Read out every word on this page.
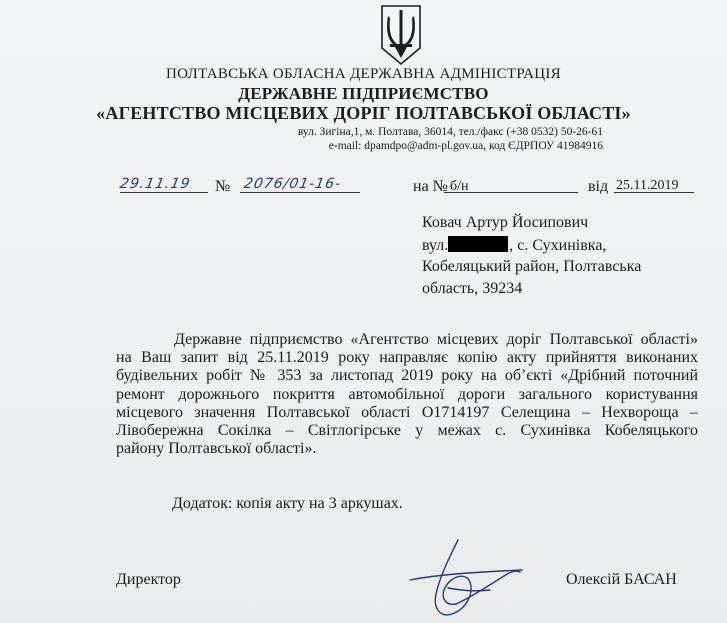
ПОЛТАВСЬКА ОБЛАСНА ДЕРЖАВНА АДМІНІСТРАЦІЯ
ДЕРЖАВНЕ ПІДПРИЄМСТВО
«АГЕНТСТВО МІСЦЕВИХ ДОРІГ ПОЛТАВСЬКОЇ ОБЛАСТІ»
вул. Зигіна,1, м. Полтава, 36014, тел./факс (+38 0532) 50-26-61
e-mail: dpamdpo@adm-pl.gov.ua, код ЄДРПОУ 41984916
29.11.19 № 2076/01-16-	на № б/н	від 25.11.2019
Ковач Артур Йосипович
вул.	, с. Сухинівка,
Кобеляцький район, Полтавська
область, 39234
Державне підприємство «Агентство місцевих доріг Полтавської області»
на Ваш запит від 25.11.2019 року направляє копію акту прийняття виконаних
будівельних робіт № 353 за листопад 2019 року на об’єкті «Дрібний поточний
ремонт дорожнього покриття автомобільної дороги загального користування
місцевого значення Полтавської області О1714197 Селещина – Нехвороща –
Лівобережна Сокілка – Світлогірське у межах с. Сухинівка Кобеляцького
району Полтавської області».
Додаток: копія акту на 3 аркушах.
Директор	Олексій БАСАН
